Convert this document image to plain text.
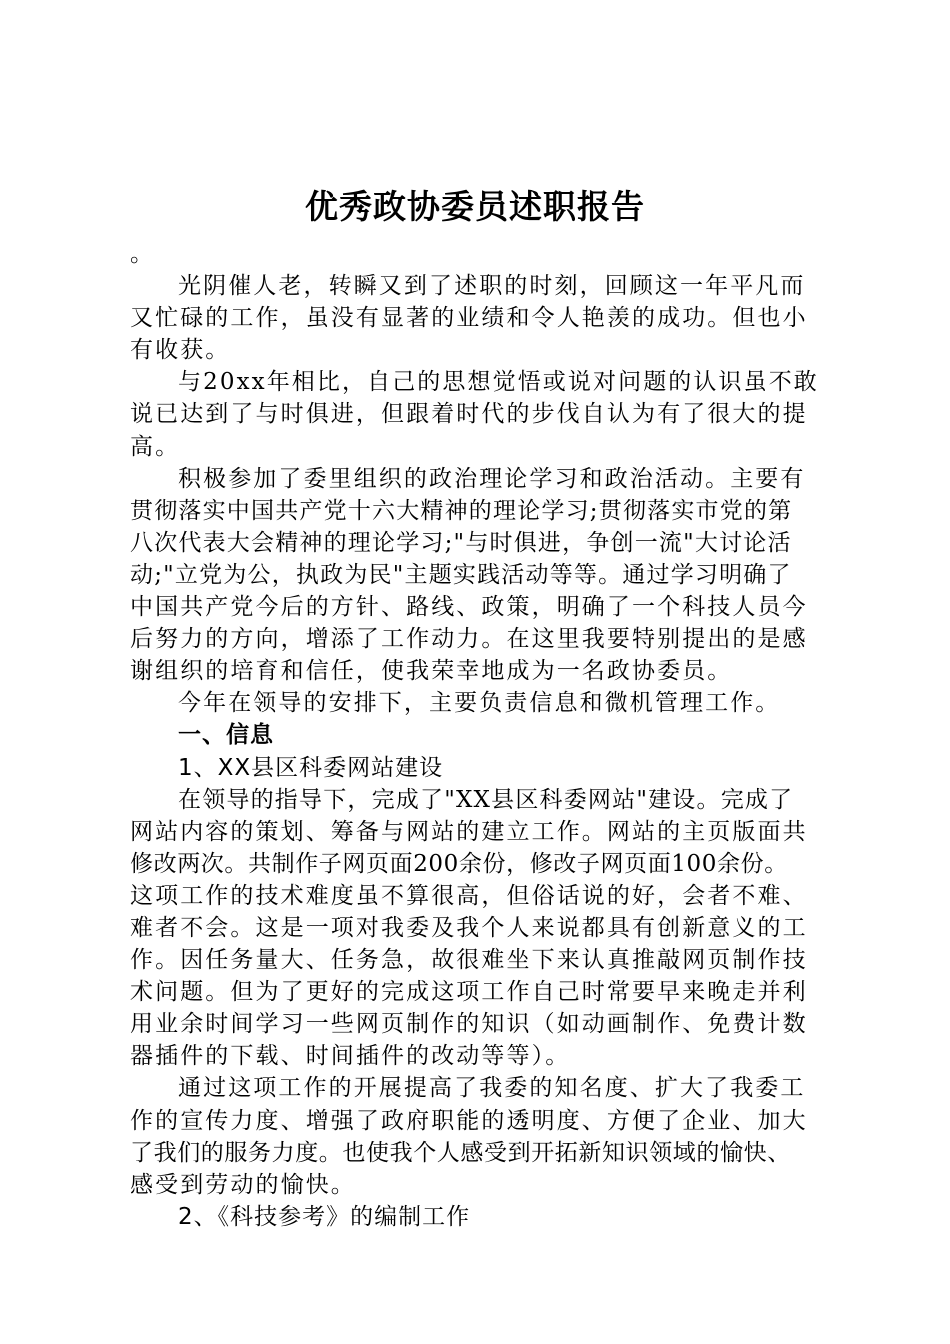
优秀政协委员述职报告
。
光阴催人老，转瞬又到了述职的时刻，回顾这一年平凡而
又忙碌的工作，虽没有显著的业绩和令人艳羡的成功。但也小
有收获。
与20xx年相比，自己的思想觉悟或说对问题的认识虽不敢
说已达到了与时俱进，但跟着时代的步伐自认为有了很大的提
高。
积极参加了委里组织的政治理论学习和政治活动。主要有
贯彻落实中国共产党十六大精神的理论学习;贯彻落实市党的第
八次代表大会精神的理论学习;"与时俱进，争创一流"大讨论活
动;"立党为公，执政为民"主题实践活动等等。通过学习明确了
中国共产党今后的方针、路线、政策，明确了一个科技人员今
后努力的方向，增添了工作动力。在这里我要特别提出的是感
谢组织的培育和信任，使我荣幸地成为一名政协委员。
今年在领导的安排下，主要负责信息和微机管理工作。
一、信息
1、XX县区科委网站建设
在领导的指导下，完成了"XX县区科委网站"建设。完成了
网站内容的策划、筹备与网站的建立工作。网站的主页版面共
修改两次。共制作子网页面200余份，修改子网页面100余份。
这项工作的技术难度虽不算很高，但俗话说的好，会者不难、
难者不会。这是一项对我委及我个人来说都具有创新意义的工
作。因任务量大、任务急，故很难坐下来认真推敲网页制作技
术问题。但为了更好的完成这项工作自己时常要早来晚走并利
用业余时间学习一些网页制作的知识（如动画制作、免费计数
器插件的下载、时间插件的改动等等）。
通过这项工作的开展提高了我委的知名度、扩大了我委工
作的宣传力度、增强了政府职能的透明度、方便了企业、加大
了我们的服务力度。也使我个人感受到开拓新知识领域的愉快、
感受到劳动的愉快。
2、《科技参考》的编制工作
